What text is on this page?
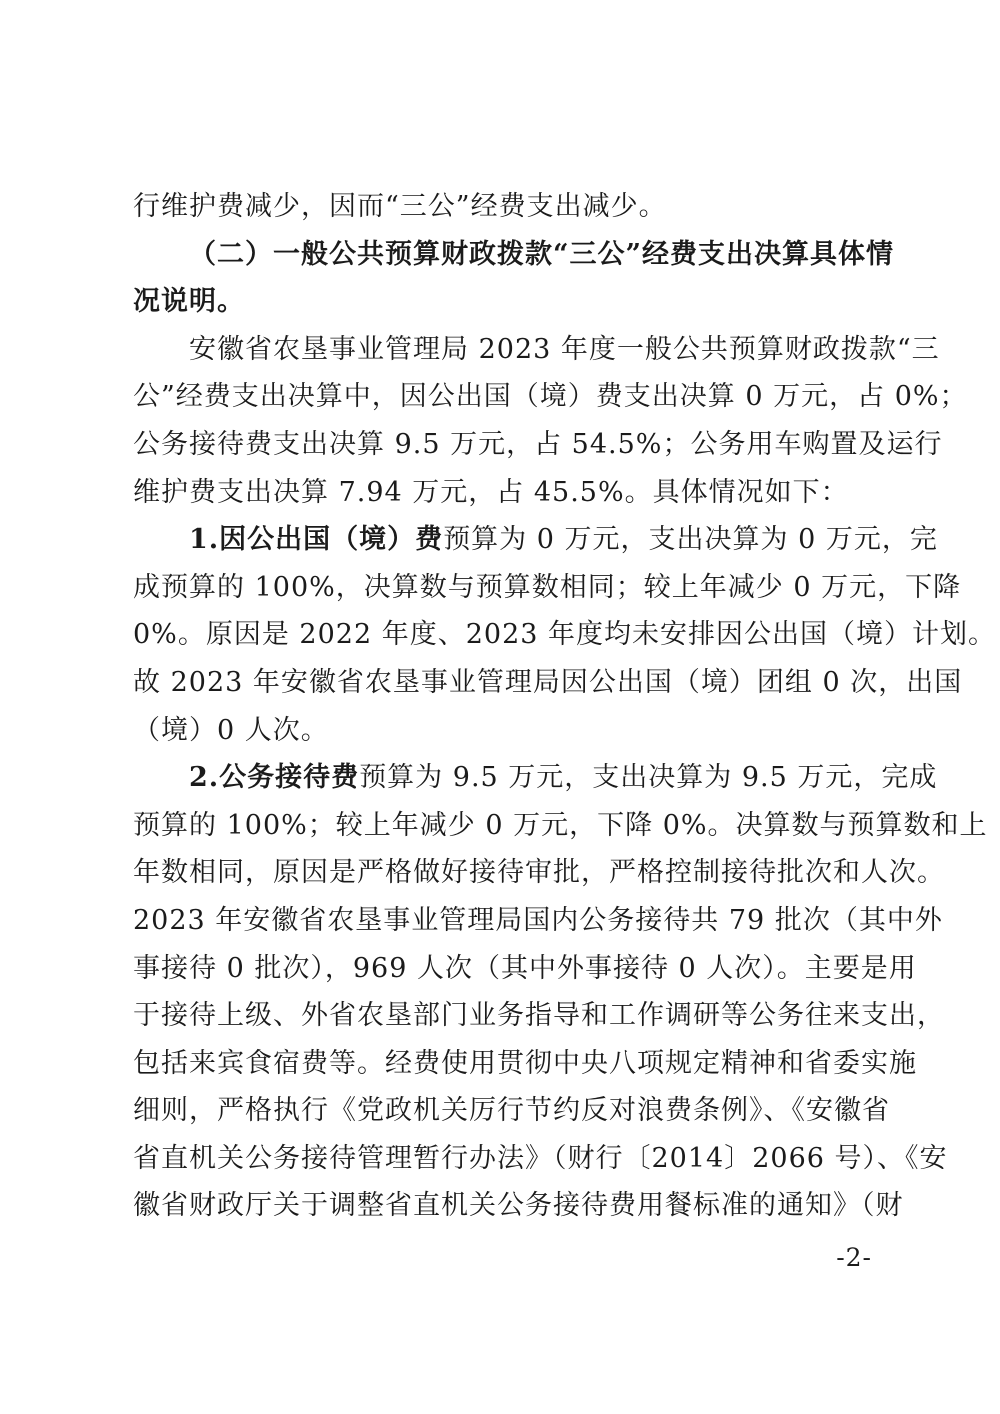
行维护费减少，因而“三公”经费支出减少。
（二）一般公共预算财政拨款“三公”经费支出决算具体情
况说明。
安徽省农垦事业管理局 2023 年度一般公共预算财政拨款“三
公”经费支出决算中，因公出国（境）费支出决算 0 万元，占 0%；
公务接待费支出决算 9.5 万元，占 54.5%；公务用车购置及运行
维护费支出决算 7.94 万元，占 45.5%。具体情况如下：
1.因公出国（境）费预算为 0 万元，支出决算为 0 万元，完
成预算的 100%，决算数与预算数相同；较上年减少 0 万元，下降
0%。原因是 2022 年度、2023 年度均未安排因公出国（境）计划。
故 2023 年安徽省农垦事业管理局因公出国（境）团组 0 次，出国
（境）0 人次。
2.公务接待费预算为 9.5 万元，支出决算为 9.5 万元，完成
预算的 100%；较上年减少 0 万元，下降 0%。决算数与预算数和上
年数相同，原因是严格做好接待审批，严格控制接待批次和人次。
2023 年安徽省农垦事业管理局国内公务接待共 79 批次（其中外
事接待 0 批次），969 人次（其中外事接待 0 人次）。主要是用
于接待上级、外省农垦部门业务指导和工作调研等公务往来支出，
包括来宾食宿费等。经费使用贯彻中央八项规定精神和省委实施
细则，严格执行《党政机关厉行节约反对浪费条例》、《安徽省
省直机关公务接待管理暂行办法》（财行〔2014〕2066 号）、《安
徽省财政厅关于调整省直机关公务接待费用餐标准的通知》（财
-2-
